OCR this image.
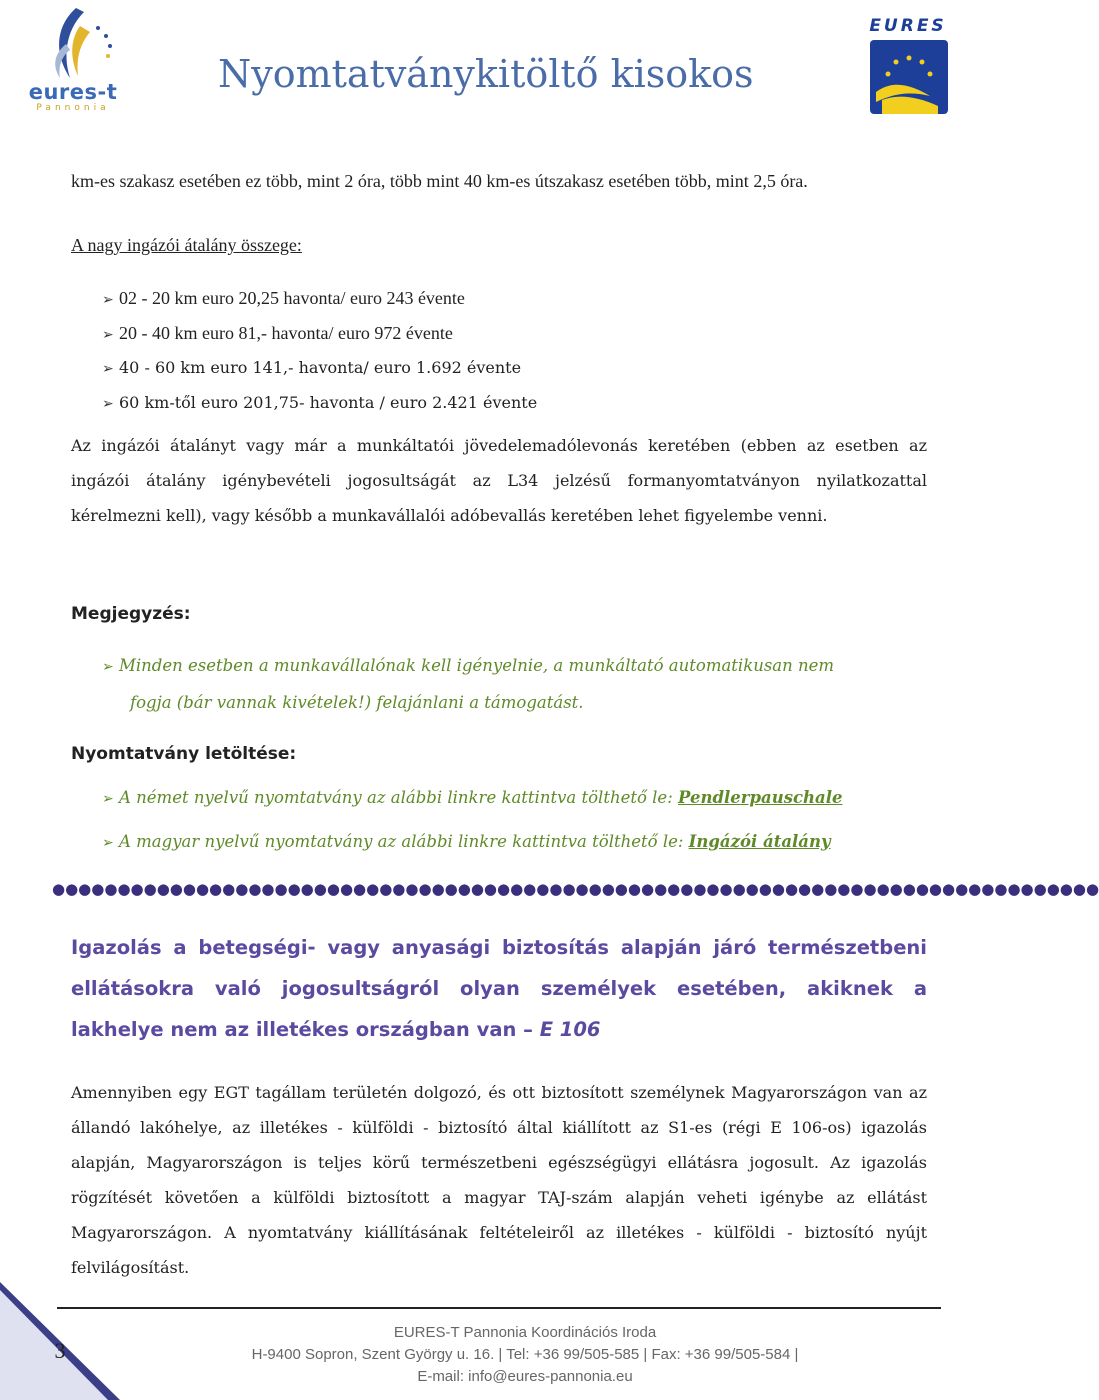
eures-t
Pannonia
Nyomtatványkitöltő kisokos
EURES
km-es szakasz esetében ez több, mint 2 óra, több mint 40 km-es útszakasz esetében több, mint 2,5 óra.
A nagy ingázói átalány összege:
➢ 02 - 20 km euro 20,25 havonta/ euro 243 évente
➢ 20 - 40 km euro 81,- havonta/ euro 972 évente
➢ 40 - 60 km euro 141,- havonta/ euro 1.692 évente
➢ 60 km-től euro 201,75- havonta / euro 2.421 évente
Az ingázói átalányt vagy már a munkáltatói jövedelemadólevonás keretében (ebben az esetben az ingázói átalány igénybevételi jogosultságát az L34 jelzésű formanyomtatványon nyilatkozattal kérelmezni kell), vagy később a munkavállalói adóbevallás keretében lehet figyelembe venni.
Megjegyzés:
➢ Minden esetben a munkavállalónak kell igényelnie, a munkáltató automatikusan nem
fogja (bár vannak kivételek!) felajánlani a támogatást.
Nyomtatvány letöltése:
➢ A német nyelvű nyomtatvány az alábbi linkre kattintva tölthető le: Pendlerpauschale
➢ A magyar nyelvű nyomtatvány az alábbi linkre kattintva tölthető le: Ingázói átalány
●●●●●●●●●●●●●●●●●●●●●●●●●●●●●●●●●●●●●●●●●●●●●●●●●●●●●●●●●●●●●●●●●●●●●●●●●●●●●●●●
Igazolás a betegségi- vagy anyasági biztosítás alapján járó természetbeni ellátásokra való jogosultságról olyan személyek esetében, akiknek a lakhelye nem az illetékes országban van – E 106
Amennyiben egy EGT tagállam területén dolgozó, és ott biztosított személynek Magyarországon van az állandó lakóhelye, az illetékes - külföldi - biztosító által kiállított az S1-es (régi E 106-os) igazolás alapján, Magyarországon is teljes körű természetbeni egészségügyi ellátásra jogosult. Az igazolás rögzítését követően a külföldi biztosított a magyar TAJ-szám alapján veheti igénybe az ellátást Magyarországon. A nyomtatvány kiállításának feltételeiről az illetékes - külföldi - biztosító nyújt felvilágosítást.
3
EURES-T Pannonia Koordinációs Iroda
H-9400 Sopron, Szent György u. 16. | Tel: +36 99/505-585 | Fax: +36 99/505-584 |
E-mail: info@eures-pannonia.eu
